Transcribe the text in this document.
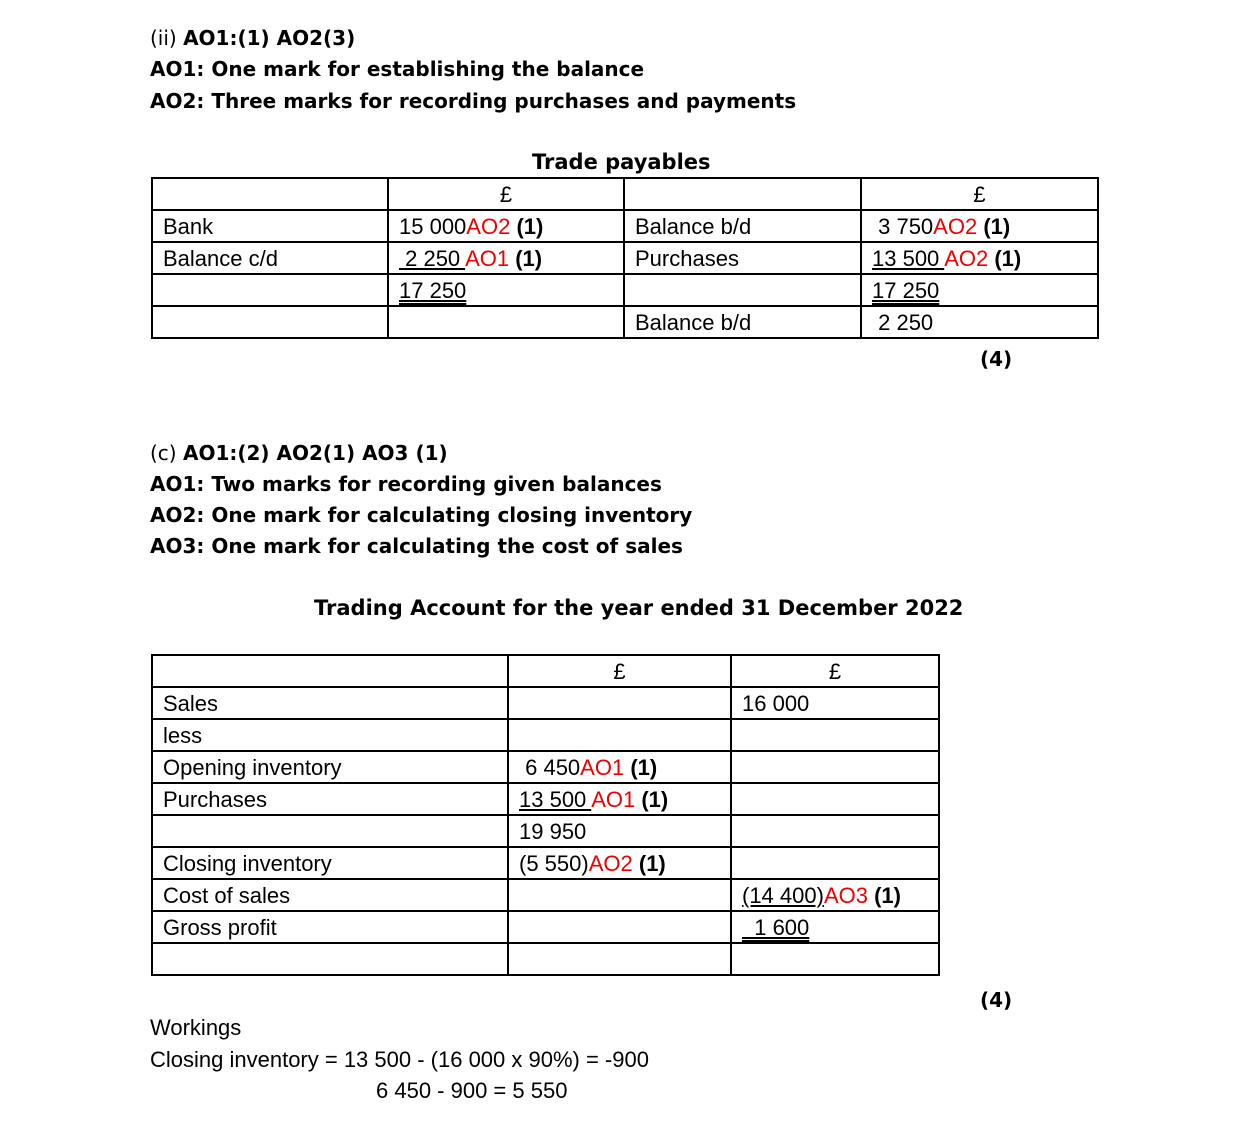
(ii) AO1:(1) AO2(3)
AO1: One mark for establishing the balance
AO2: Three marks for recording purchases and payments
Trade payables
	£		£
Bank	15 000AO2 (1)	Balance b/d	3 750AO2 (1)
Balance c/d	2 250 AO1 (1)	Purchases	13 500 AO2 (1)
	17 250		17 250
		Balance b/d	2 250
(4)
(c) AO1:(2) AO2(1) AO3 (1)
AO1: Two marks for recording given balances
AO2: One mark for calculating closing inventory
AO3: One mark for calculating the cost of sales
Trading Account for the year ended 31 December 2022
	£	£
Sales		16 000
less		
Opening inventory	6 450AO1 (1)	
Purchases	13 500 AO1 (1)	
	19 950	
Closing inventory	(5 550)AO2 (1)	
Cost of sales		(14 400)AO3 (1)
Gross profit		1 600

(4)
Workings
Closing inventory = 13 500 - (16 000 x 90%) = -900
6 450 - 900 = 5 550
